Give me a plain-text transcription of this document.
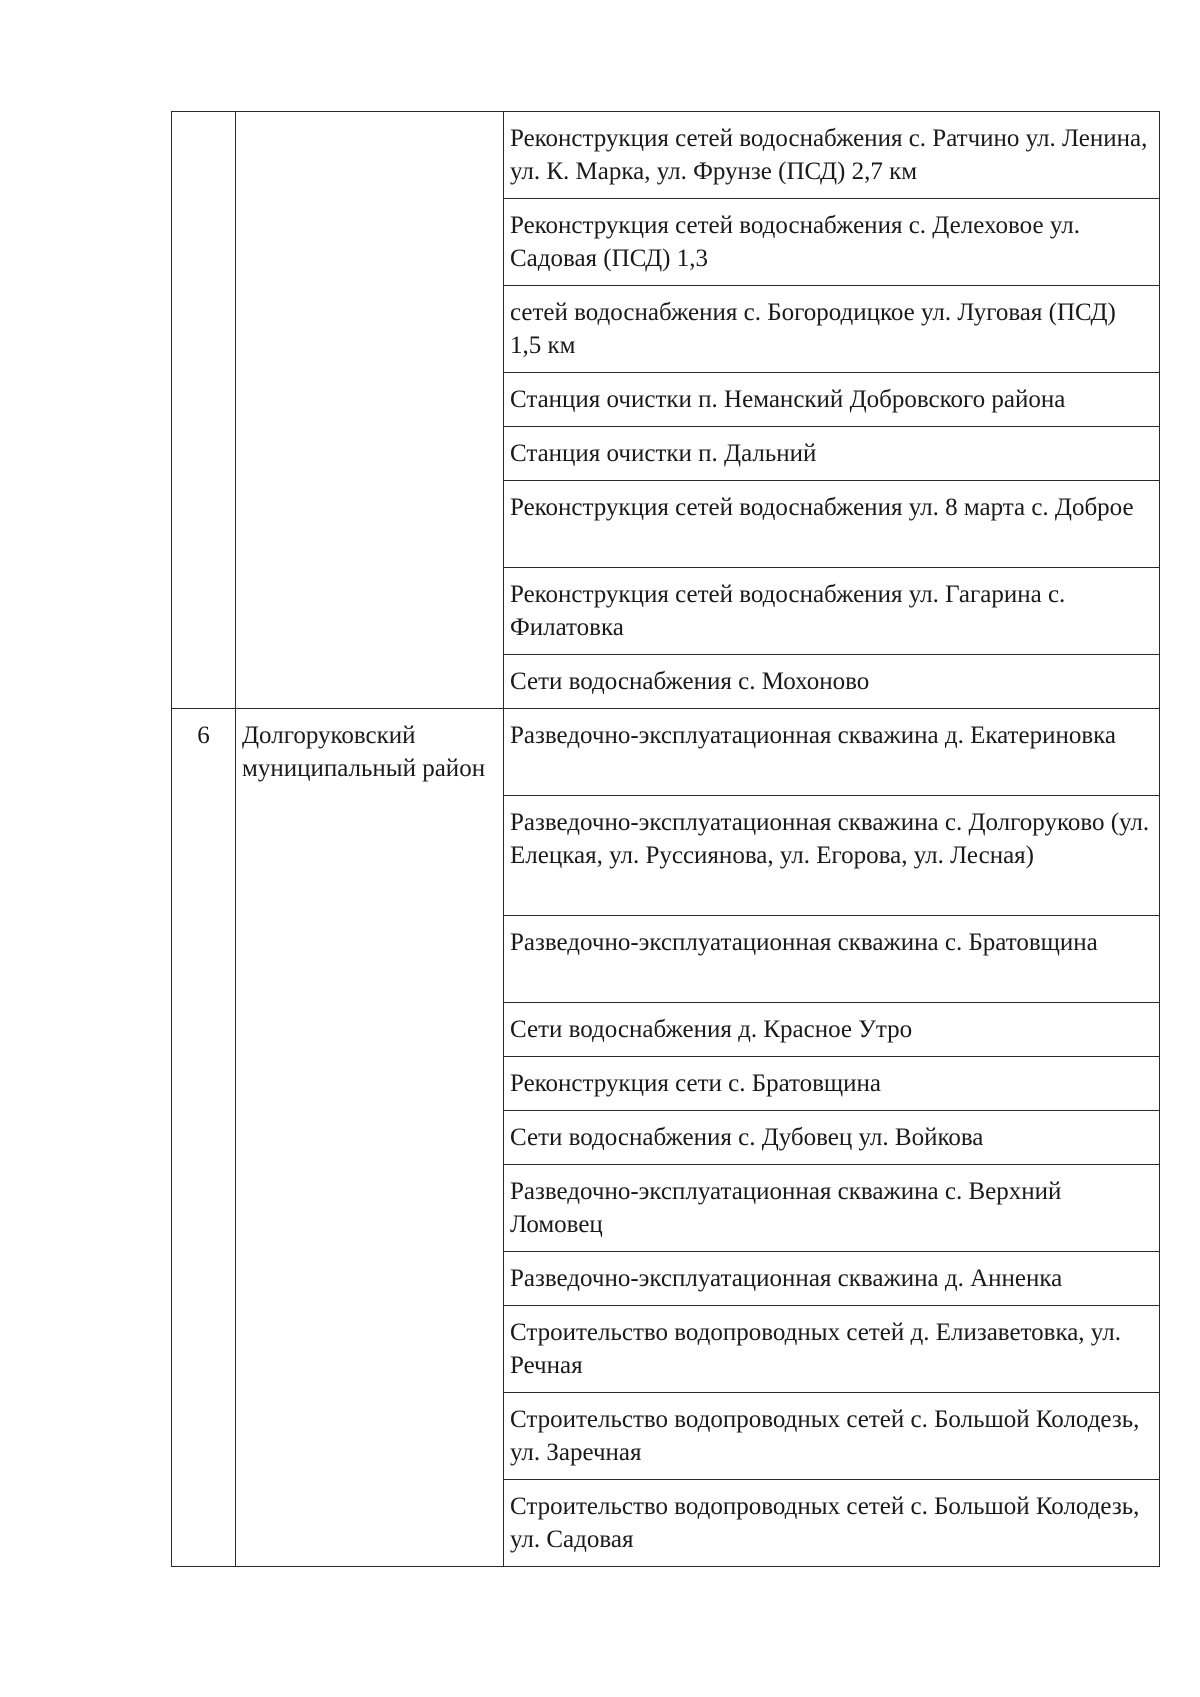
		Реконструкция сетей водоснабжения с. Ратчино ул. Ленина, ул. К. Марка, ул. Фрунзе (ПСД) 2,7 км

		Реконструкция сетей водоснабжения с. Делеховое ул. Садовая (ПСД) 1,3

		сетей водоснабжения с. Богородицкое ул. Луговая (ПСД) 1,5 км

		Станция очистки п. Неманский Добровского района

		Станция очистки п. Дальний

		Реконструкция сетей водоснабжения ул. 8 марта с. Доброе

		Реконструкция сетей водоснабжения ул. Гагарина с. Филатовка

		Сети водоснабжения с. Мохоново

6	Долгоруковский муниципальный район	Разведочно-эксплуатационная скважина д. Екатериновка

		Разведочно-эксплуатационная скважина с. Долгоруково (ул. Елецкая, ул. Руссиянова, ул. Егорова, ул. Лесная)

		Разведочно-эксплуатационная скважина с. Братовщина

		Сети водоснабжения д. Красное Утро

		Реконструкция сети с. Братовщина

		Сети водоснабжения с. Дубовец ул. Войкова

		Разведочно-эксплуатационная скважина с. Верхний Ломовец

		Разведочно-эксплуатационная скважина д. Анненка

		Строительство водопроводных сетей д. Елизаветовка, ул. Речная

		Строительство водопроводных сетей с. Большой Колодезь, ул. Заречная

		Строительство водопроводных сетей с. Большой Колодезь, ул. Садовая
